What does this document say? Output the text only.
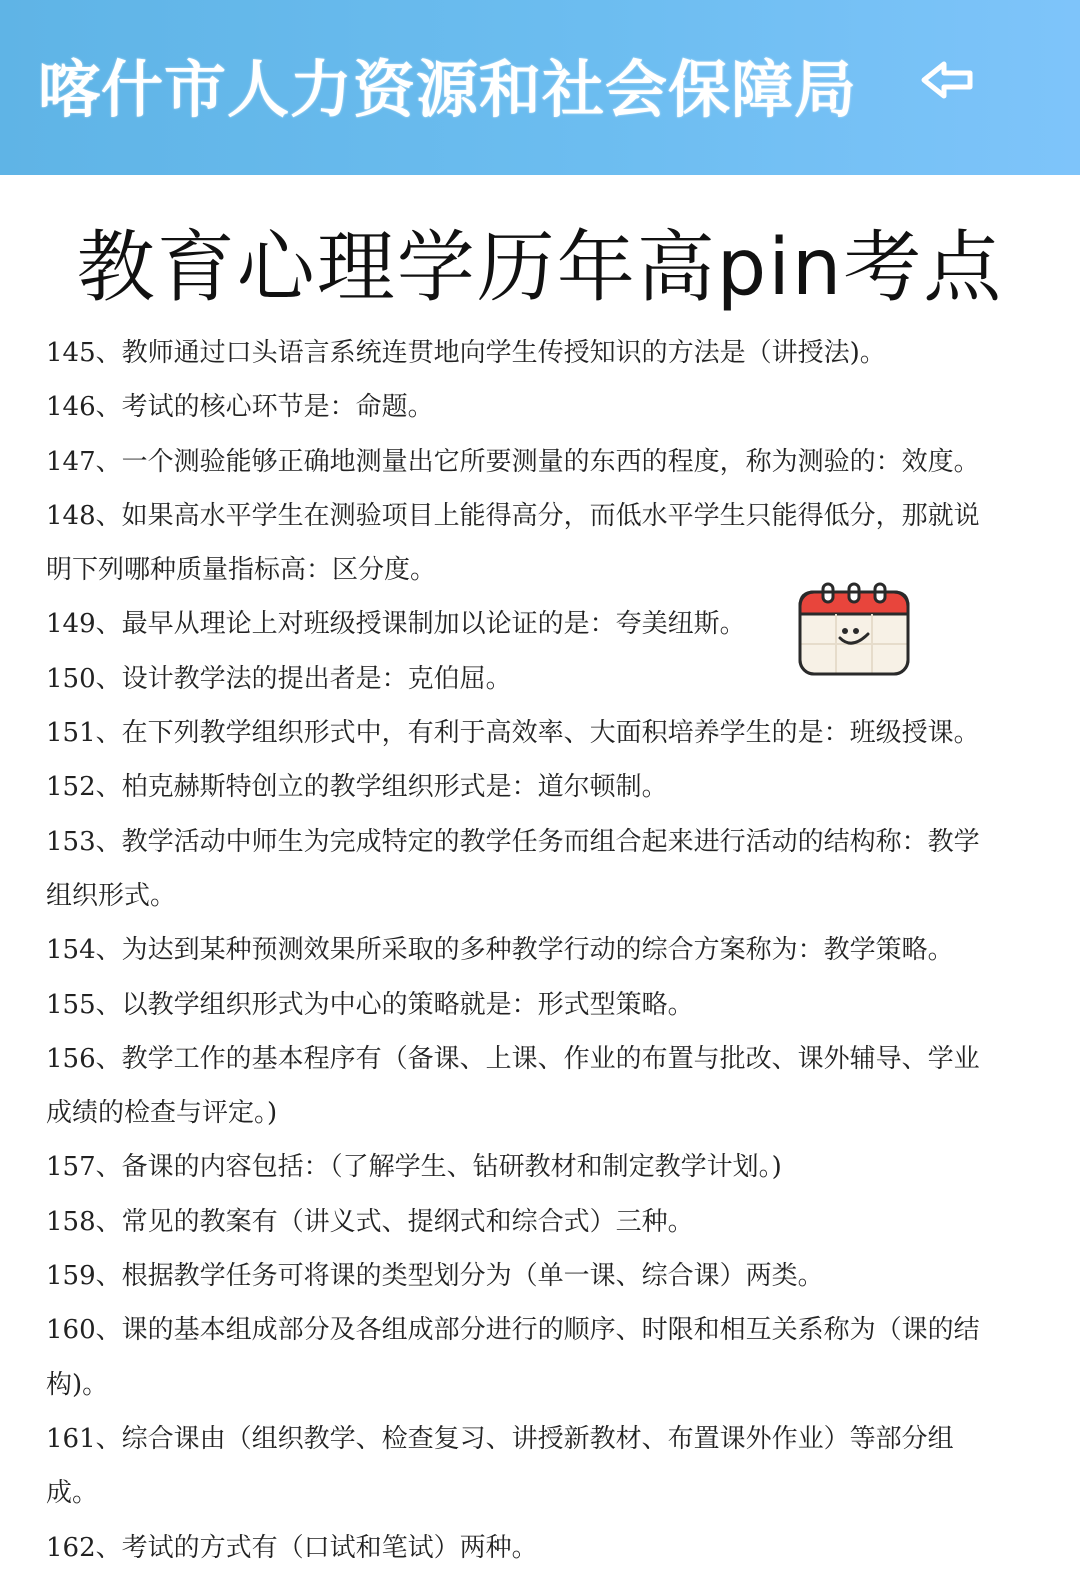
喀什市人力资源和社会保障局
教育心理学历年高pin考点
145、教师通过口头语言系统连贯地向学生传授知识的方法是（讲授法)。
146、考试的核心环节是：命题。
147、一个测验能够正确地测量出它所要测量的东西的程度，称为测验的：效度。
148、如果高水平学生在测验项目上能得高分，而低水平学生只能得低分，那就说明下列哪种质量指标高：区分度。
149、最早从理论上对班级授课制加以论证的是：夸美纽斯。
150、设计教学法的提出者是：克伯屈。
151、在下列教学组织形式中，有利于高效率、大面积培养学生的是：班级授课。
152、柏克赫斯特创立的教学组织形式是：道尔顿制。
153、教学活动中师生为完成特定的教学任务而组合起来进行活动的结构称：教学组织形式。
154、为达到某种预测效果所采取的多种教学行动的综合方案称为：教学策略。
155、以教学组织形式为中心的策略就是：形式型策略。
156、教学工作的基本程序有（备课、上课、作业的布置与批改、课外辅导、学业成绩的检查与评定。)
157、备课的内容包括：（了解学生、钻研教材和制定教学计划。)
158、常见的教案有（讲义式、提纲式和综合式）三种。
159、根据教学任务可将课的类型划分为（单一课、综合课）两类。
160、课的基本组成部分及各组成部分进行的顺序、时限和相互关系称为（课的结构)。
161、综合课由（组织教学、检查复习、讲授新教材、布置课外作业）等部分组成。
162、考试的方式有（口试和笔试）两种。
